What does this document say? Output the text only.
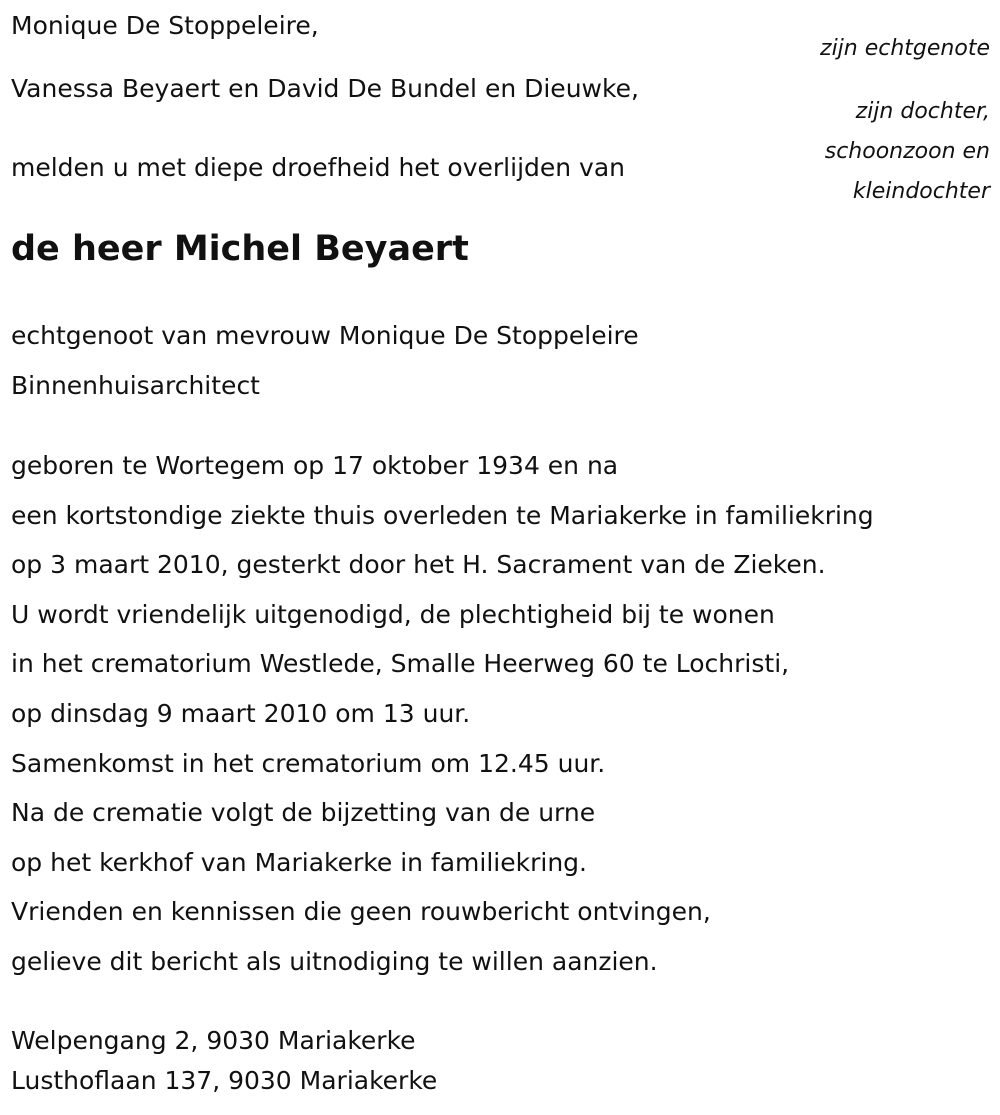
Monique De Stoppeleire,
Vanessa Beyaert en David De Bundel en Dieuwke,
melden u met diepe droefheid het overlijden van
zijn echtgenote
zijn dochter,
schoonzoon en
kleindochter
de heer Michel Beyaert
echtgenoot van mevrouw Monique De Stoppeleire
Binnenhuisarchitect
geboren te Wortegem op 17 oktober 1934 en na
een kortstondige ziekte thuis overleden te Mariakerke in familiekring
op 3 maart 2010, gesterkt door het H. Sacrament van de Zieken.
U wordt vriendelijk uitgenodigd, de plechtigheid bij te wonen
in het crematorium Westlede, Smalle Heerweg 60 te Lochristi,
op dinsdag 9 maart 2010 om 13 uur.
Samenkomst in het crematorium om 12.45 uur.
Na de crematie volgt de bijzetting van de urne
op het kerkhof van Mariakerke in familiekring.
Vrienden en kennissen die geen rouwbericht ontvingen,
gelieve dit bericht als uitnodiging te willen aanzien.
Welpengang 2, 9030 Mariakerke
Lusthoflaan 137, 9030 Mariakerke
